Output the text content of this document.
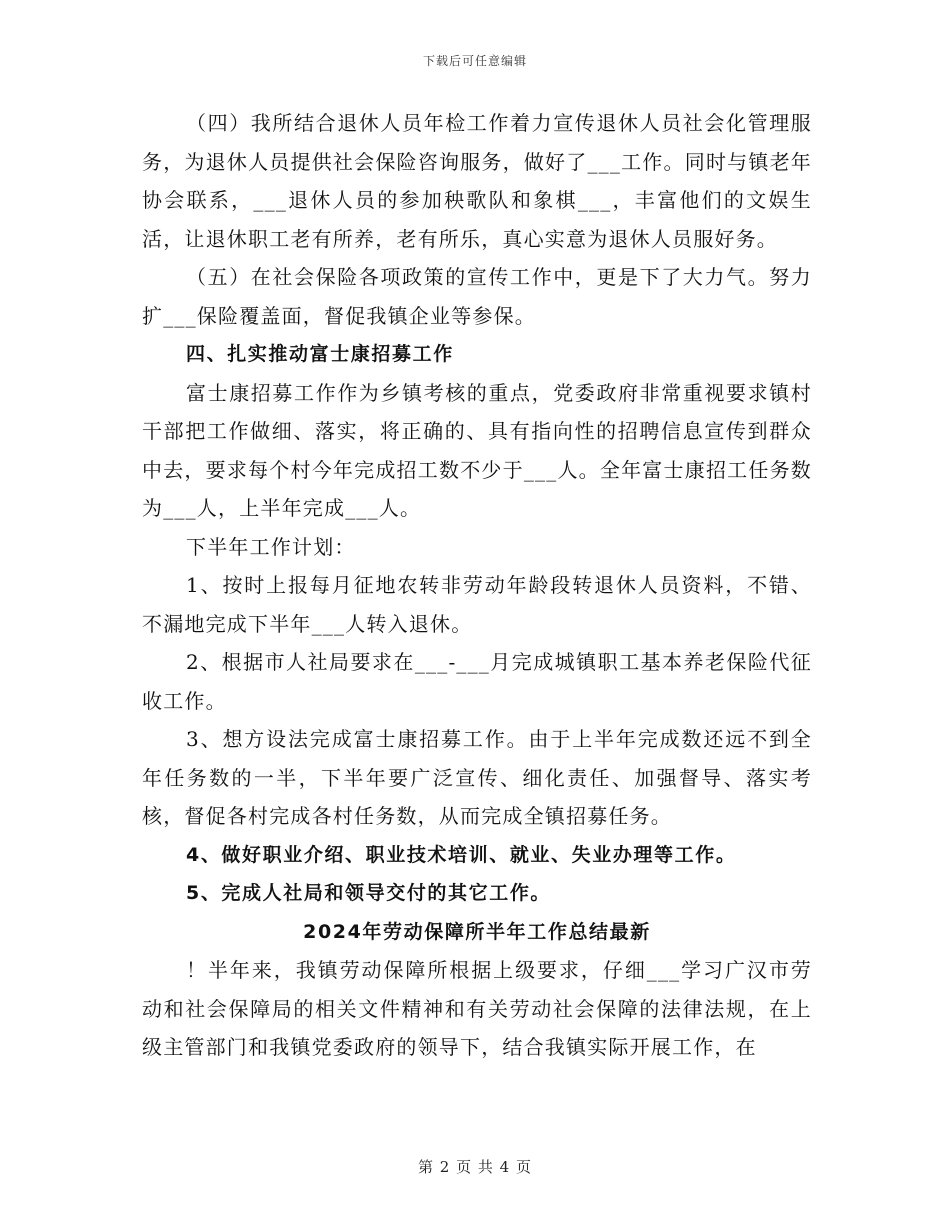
下载后可任意编辑

（四）我所结合退休人员年检工作着力宣传退休人员社会化管理服务，为退休人员提供社会保险咨询服务，做好了___工作。同时与镇老年协会联系，___退休人员的参加秧歌队和象棋___，丰富他们的文娱生活，让退休职工老有所养，老有所乐，真心实意为退休人员服好务。

（五）在社会保险各项政策的宣传工作中，更是下了大力气。努力扩___保险覆盖面，督促我镇企业等参保。

四、扎实推动富士康招募工作

富士康招募工作作为乡镇考核的重点，党委政府非常重视要求镇村干部把工作做细、落实，将正确的、具有指向性的招聘信息宣传到群众中去，要求每个村今年完成招工数不少于___人。全年富士康招工任务数为___人，上半年完成___人。

下半年工作计划：

1、按时上报每月征地农转非劳动年龄段转退休人员资料，不错、不漏地完成下半年___人转入退休。

2、根据市人社局要求在___-___月完成城镇职工基本养老保险代征收工作。

3、想方设法完成富士康招募工作。由于上半年完成数还远不到全年任务数的一半，下半年要广泛宣传、细化责任、加强督导、落实考核，督促各村完成各村任务数，从而完成全镇招募任务。

4、做好职业介绍、职业技术培训、就业、失业办理等工作。

5、完成人社局和领导交付的其它工作。

2024年劳动保障所半年工作总结最新

！半年来，我镇劳动保障所根据上级要求，仔细___学习广汉市劳动和社会保障局的相关文件精神和有关劳动社会保障的法律法规，在上级主管部门和我镇党委政府的领导下，结合我镇实际开展工作，在

第 2 页 共 4 页
